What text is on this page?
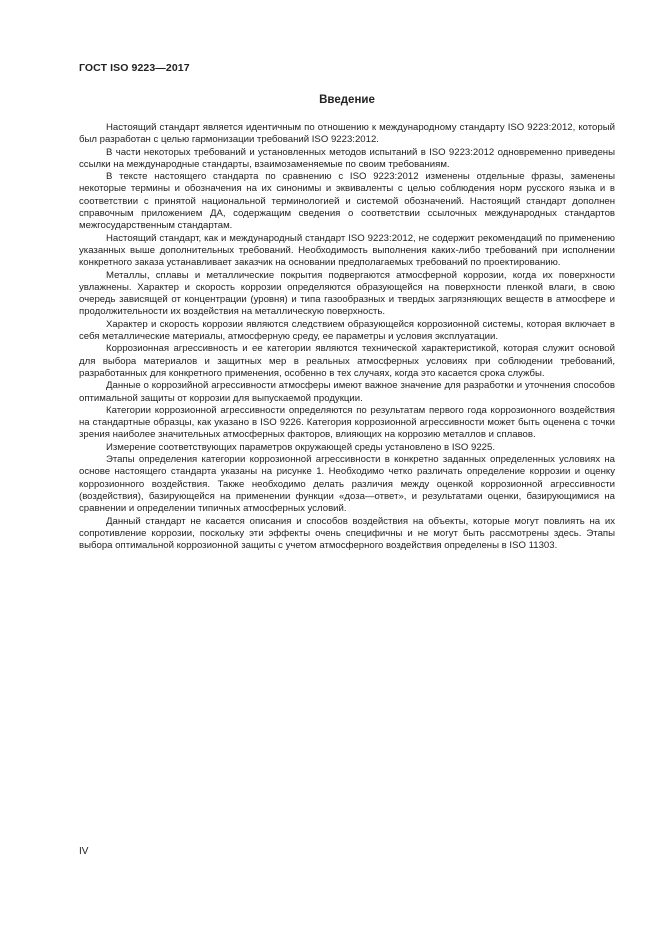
ГОСТ ISO 9223—2017
Введение

Настоящий стандарт является идентичным по отношению к международному стандарту ISO 9223:2012, который был разработан с целью гармонизации требований ISO 9223:2012.

В части некоторых требований и установленных методов испытаний в ISO 9223:2012 одновременно приведены ссылки на международные стандарты, взаимозаменяемые по своим требованиям.

В тексте настоящего стандарта по сравнению с ISO 9223:2012 изменены отдельные фразы, заменены некоторые термины и обозначения на их синонимы и эквиваленты с целью соблюдения норм русского языка и в соответствии с принятой национальной терминологией и системой обозначений. Настоящий стандарт дополнен справочным приложением ДА, содержащим сведения о соответствии ссылочных международных стандартов межгосударственным стандартам.

Настоящий стандарт, как и международный стандарт ISO 9223:2012, не содержит рекомендаций по применению указанных выше дополнительных требований. Необходимость выполнения каких-либо требований при исполнении конкретного заказа устанавливает заказчик на основании предполагаемых требований по проектированию.

Металлы, сплавы и металлические покрытия подвергаются атмосферной коррозии, когда их поверхности увлажнены. Характер и скорость коррозии определяются образующейся на поверхности пленкой влаги, в свою очередь зависящей от концентрации (уровня) и типа газообразных и твердых загрязняющих веществ в атмосфере и продолжительности их воздействия на металлическую поверхность.

Характер и скорость коррозии являются следствием образующейся коррозионной системы, которая включает в себя металлические материалы, атмосферную среду, ее параметры и условия эксплуатации.

Коррозионная агрессивность и ее категории являются технической характеристикой, которая служит основой для выбора материалов и защитных мер в реальных атмосферных условиях при соблюдении требований, разработанных для конкретного применения, особенно в тех случаях, когда это касается срока службы.

Данные о коррозийной агрессивности атмосферы имеют важное значение для разработки и уточнения способов оптимальной защиты от коррозии для выпускаемой продукции.

Категории коррозионной агрессивности определяются по результатам первого года коррозионного воздействия на стандартные образцы, как указано в ISO 9226. Категория коррозионной агрессивности может быть оценена с точки зрения наиболее значительных атмосферных факторов, влияющих на коррозию металлов и сплавов.

Измерение соответствующих параметров окружающей среды установлено в ISO 9225.

Этапы определения категории коррозионной агрессивности в конкретно заданных определенных условиях на основе настоящего стандарта указаны на рисунке 1. Необходимо четко различать определение коррозии и оценку коррозионного воздействия. Также необходимо делать различия между оценкой коррозионной агрессивности (воздействия), базирующейся на применении функции «доза—ответ», и результатами оценки, базирующимися на сравнении и определении типичных атмосферных условий.

Данный стандарт не касается описания и способов воздействия на объекты, которые могут повлиять на их сопротивление коррозии, поскольку эти эффекты очень специфичны и не могут быть рассмотрены здесь. Этапы выбора оптимальной коррозионной защиты с учетом атмосферного воздействия определены в ISO 11303.

IV
